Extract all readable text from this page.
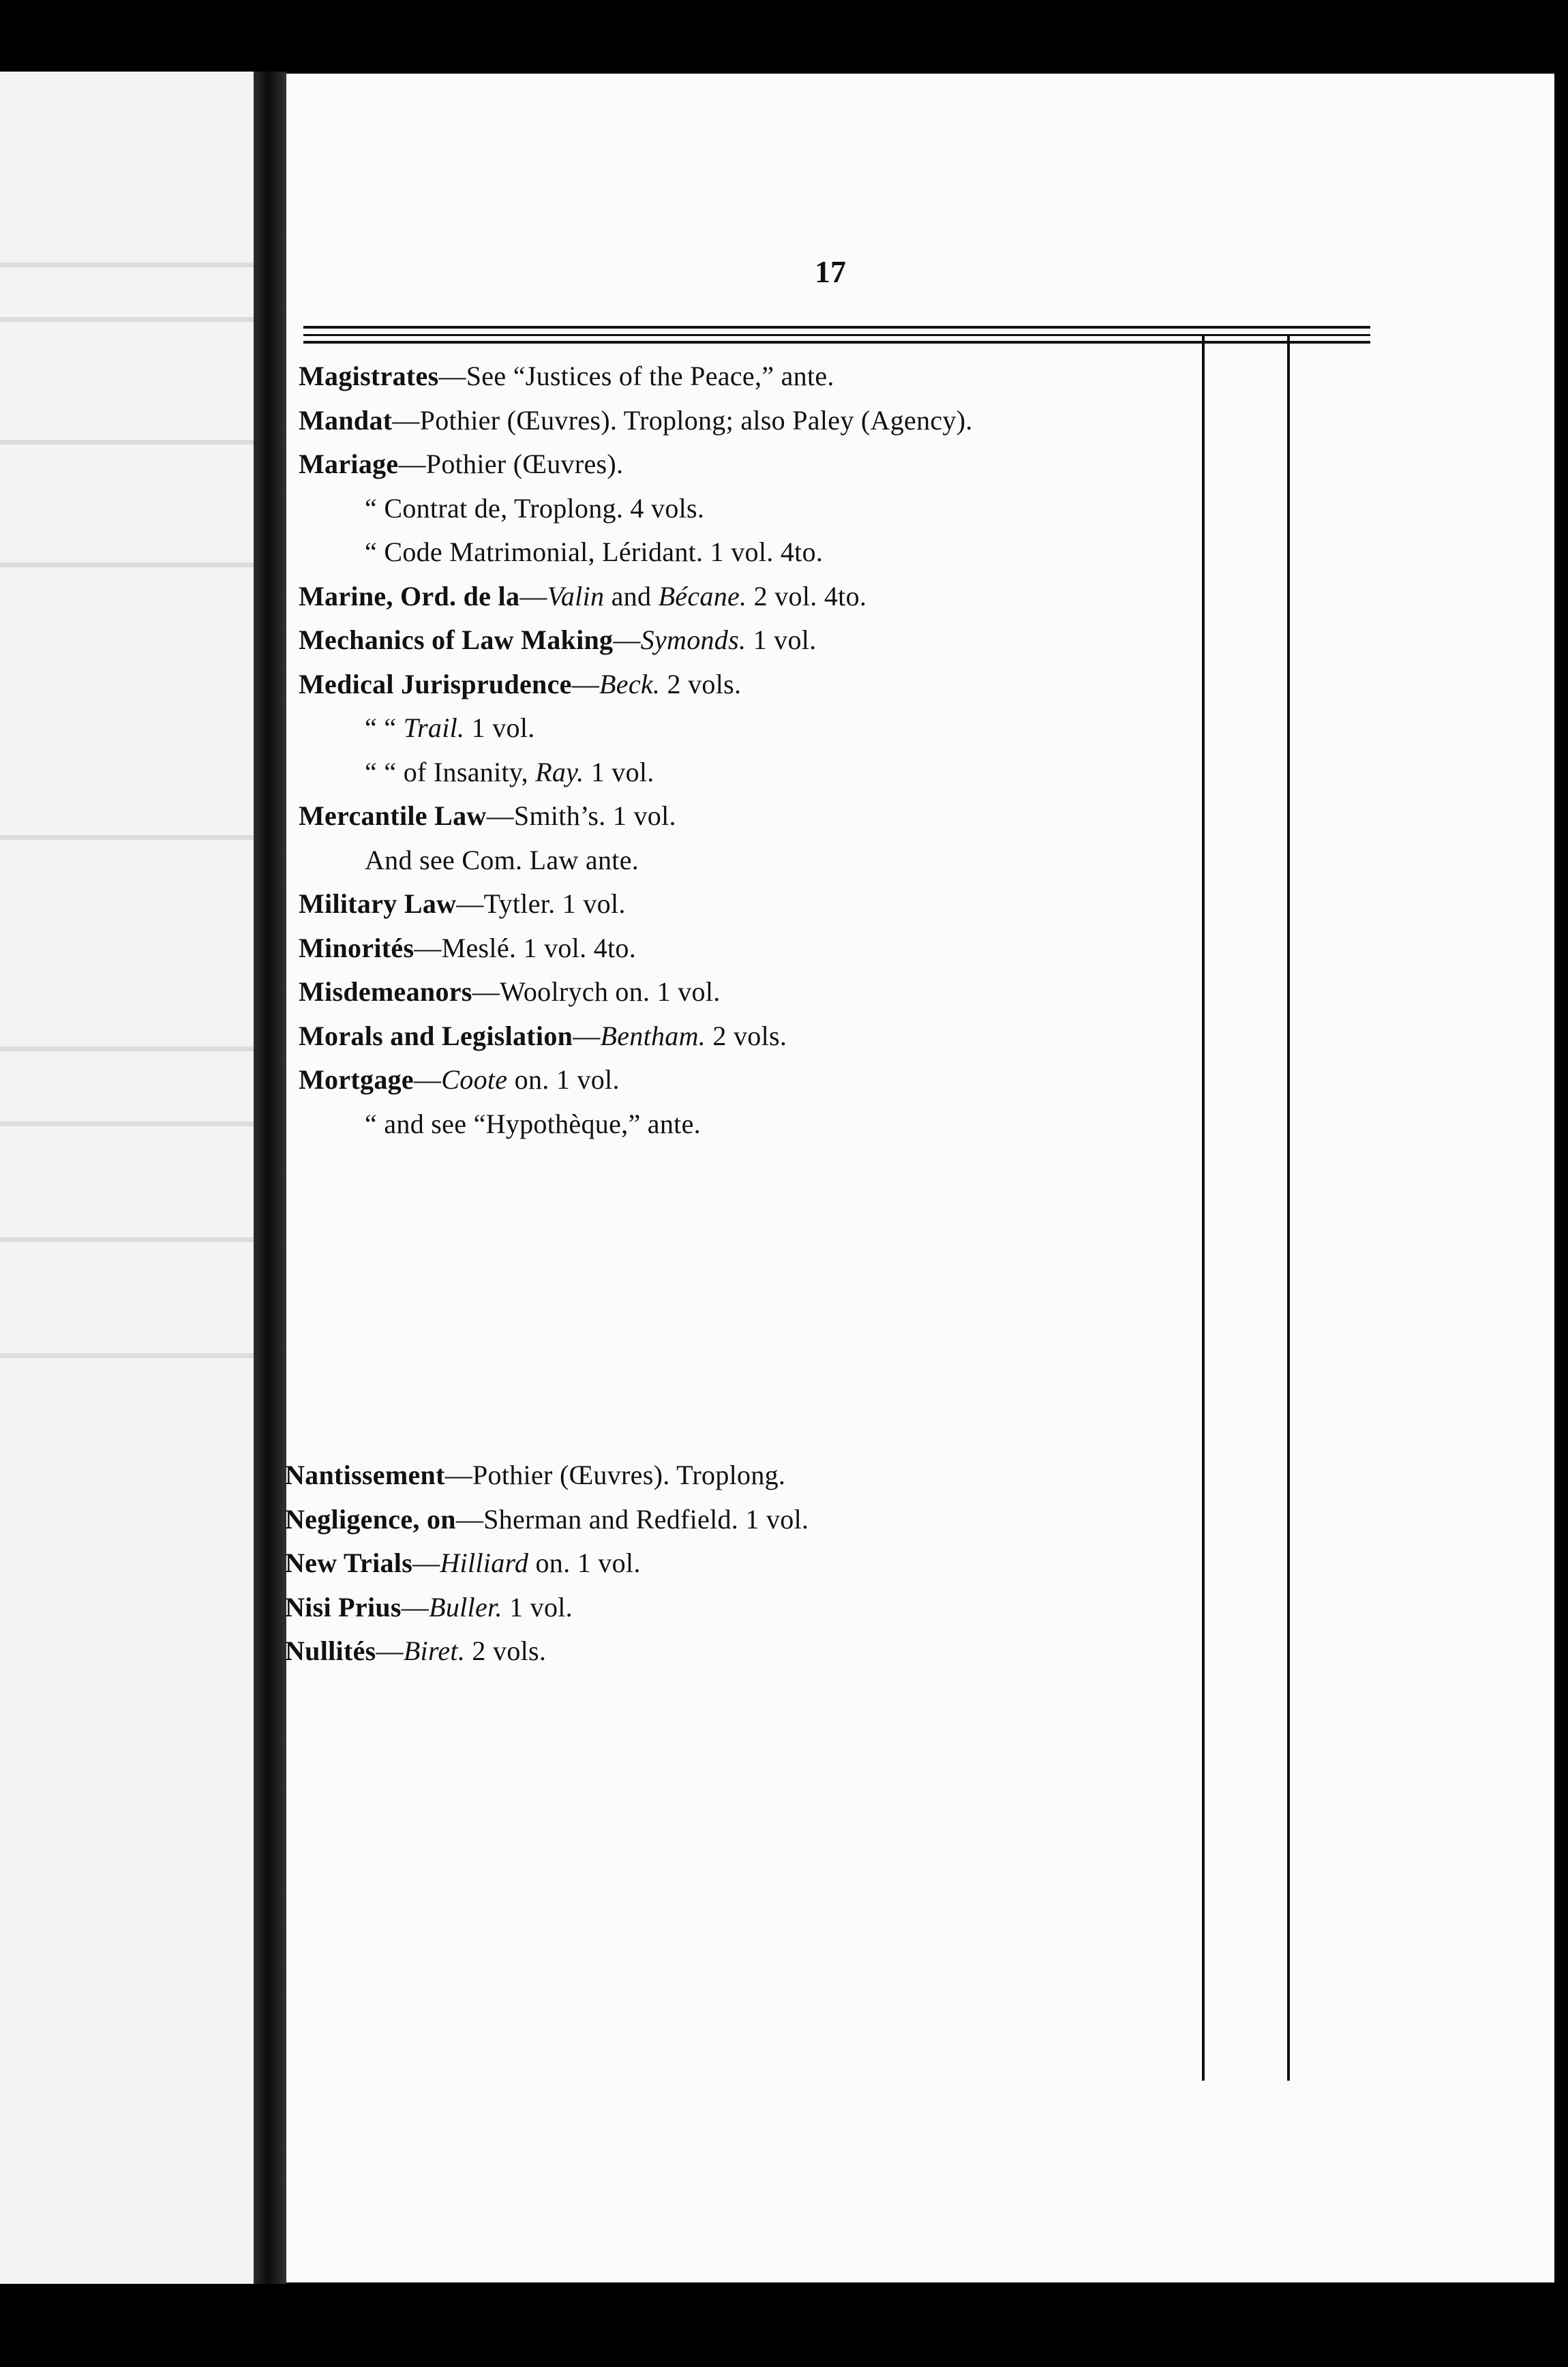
17
Magistrates—See “Justices of the Peace,” ante.
Mandat—Pothier (Œuvres). Troplong; also Paley (Agency).
Mariage—Pothier (Œuvres).
“ Contrat de, Troplong. 4 vols.
“ Code Matrimonial, Léridant. 1 vol. 4to.
Marine, Ord. de la—Valin and Bécane. 2 vol. 4to.
Mechanics of Law Making—Symonds. 1 vol.
Medical Jurisprudence—Beck. 2 vols.
“ “ Trail. 1 vol.
“ “ of Insanity, Ray. 1 vol.
Mercantile Law—Smith’s. 1 vol.
And see Com. Law ante.
Military Law—Tytler. 1 vol.
Minorités—Meslé. 1 vol. 4to.
Misdemeanors—Woolrych on. 1 vol.
Morals and Legislation—Bentham. 2 vols.
Mortgage—Coote on. 1 vol.
“ and see “Hypothèque,” ante.
Nantissement—Pothier (Œuvres). Troplong.
Negligence, on—Sherman and Redfield. 1 vol.
New Trials—Hilliard on. 1 vol.
Nisi Prius—Buller. 1 vol.
Nullités—Biret. 2 vols.
